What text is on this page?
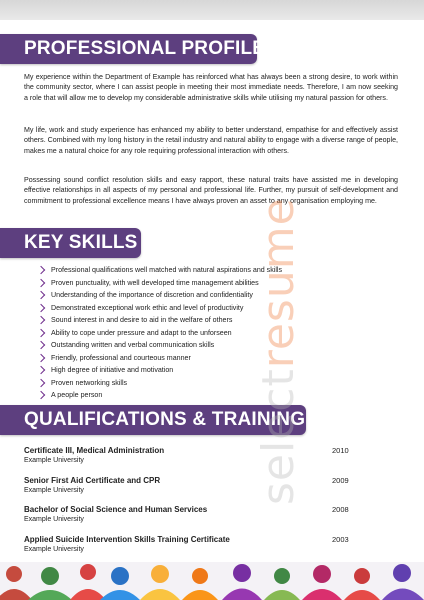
PROFESSIONAL PROFILE

My experience within the Department of Example has reinforced what has always been a strong desire, to work within the community sector, where I can assist people in meeting their most immediate needs. Therefore, I am now seeking a role that will allow me to develop my considerable administrative skills while utilising my natural passion for others.

My life, work and study experience has enhanced my ability to better understand, empathise for and effectively assist others. Combined with my long history in the retail industry and natural ability to engage with a diverse range of people, makes me a natural choice for any role requiring professional interaction with others.

Possessing sound conflict resolution skills and easy rapport, these natural traits have assisted me in developing effective relationships in all aspects of my personal and professional life. Further, my pursuit of self-development and commitment to professional excellence means I have always proven an asset to any organisation employing me.

KEY SKILLS
Professional qualifications well matched with natural aspirations and skills
Proven punctuality, with well developed time management abilities
Understanding of the importance of discretion and confidentiality
Demonstrated exceptional work ethic and level of productivity
Sound interest in and desire to aid in the welfare of others
Ability to cope under pressure and adapt to the unforseen
Outstanding written and verbal communication skills
Friendly, professional and courteous manner
High degree of initiative and motivation
Proven networking skills
A people person
QUALIFICATIONS & TRAINING
Certificate III, Medical Administration
Example University
2010
Senior First Aid Certificate and CPR
Example University
2009
Bachelor of Social Science and Human Services
Example University
2008
Applied Suicide Intervention Skills Training Certificate
Example University
2003
selectresume
